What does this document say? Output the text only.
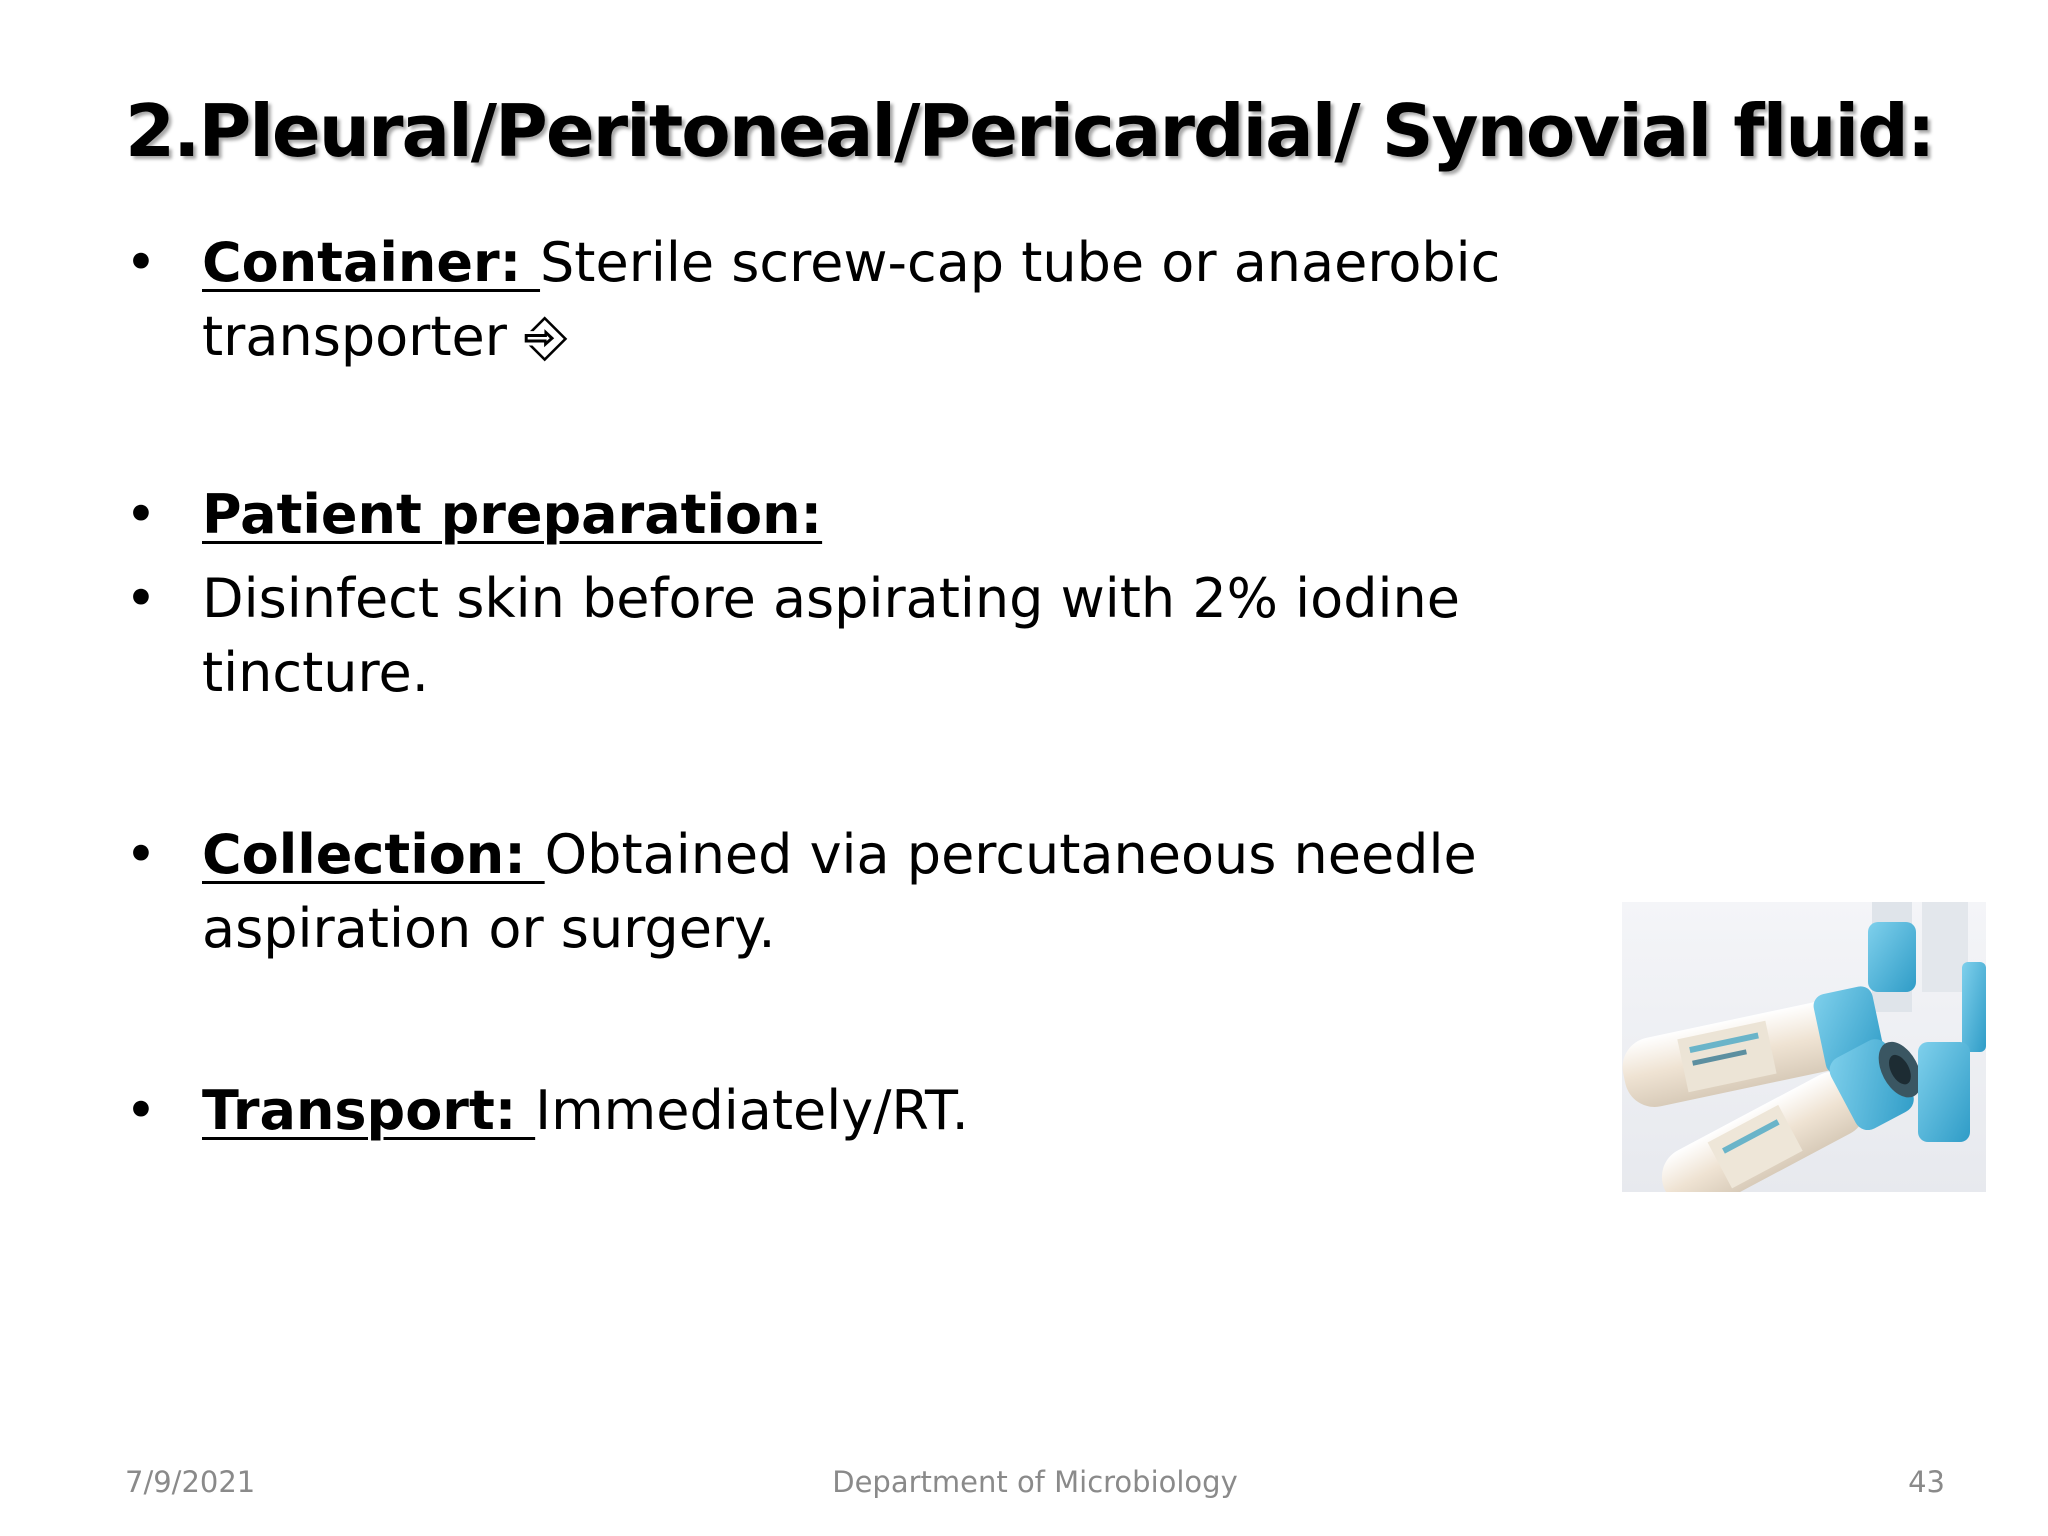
2.Pleural/Peritoneal/Pericardial/ Synovial fluid:
• Container: Sterile screw-cap tube or anaerobic transporter ⎆
• Patient preparation:
• Disinfect skin before aspirating with 2% iodine tincture.
• Collection: Obtained via percutaneous needle aspiration or surgery.
• Transport: Immediately/RT.
7/9/2021	Department of Microbiology	43
